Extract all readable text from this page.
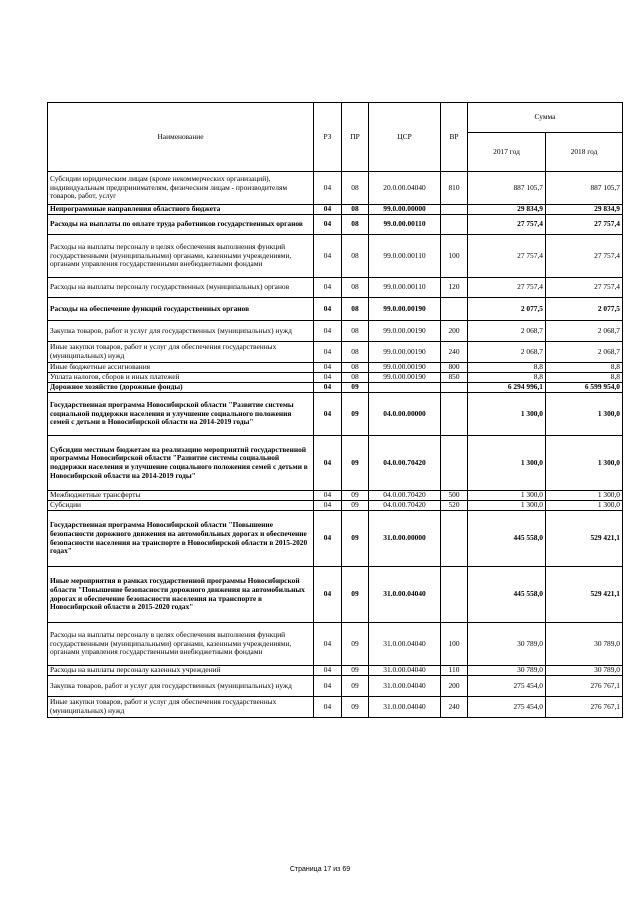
Наименование	РЗ	ПР	ЦСР	ВР	Сумма	
					2017 год	2018 год
Субсидии юридическим лицам (кроме некоммерческих организаций), индивидуальным предпринимателям, физическим лицам - производителям товаров, работ, услуг	04	08	20.0.00.04040	810	887 105,7	887 105,7
Непрограммные направления областного бюджета	04	08	99.0.00.00000		29 834,9	29 834,9
Расходы на выплаты по оплате труда работников государственных органов	04	08	99.0.00.00110		27 757,4	27 757,4
Расходы на выплаты персоналу в целях обеспечения выполнения функций государственными (муниципальными) органами, казенными учреждениями, органами управления государственными внебюджетными фондами	04	08	99.0.00.00110	100	27 757,4	27 757,4
Расходы на выплаты персоналу государственных (муниципальных) органов	04	08	99.0.00.00110	120	27 757,4	27 757,4
Расходы на обеспечение функций государственных органов	04	08	99.0.00.00190		2 077,5	2 077,5
Закупка товаров, работ и услуг для государственных (муниципальных) нужд	04	08	99.0.00.00190	200	2 068,7	2 068,7
Иные закупки товаров, работ и услуг для обеспечения государственных (муниципальных) нужд	04	08	99.0.00.00190	240	2 068,7	2 068,7
Иные бюджетные ассигнования	04	08	99.0.00.00190	800	8,8	8,8
Уплата налогов, сборов и иных платежей	04	08	99.0.00.00190	850	8,8	8,8
Дорожное хозяйство (дорожные фонды)	04	09			6 294 996,1	6 599 954,0
Государственная программа Новосибирской области "Развитие системы социальной поддержки населения и улучшение социального положения семей с детьми в Новосибирской области на 2014-2019 годы"	04	09	04.0.00.00000		1 300,0	1 300,0
Субсидии местным бюджетам на реализацию мероприятий государственной программы Новосибирской области "Развитие системы социальной поддержки населения и улучшение социального положения семей с детьми в Новосибирской области на 2014-2019 годы"	04	09	04.0.00.70420		1 300,0	1 300,0
Межбюджетные трансферты	04	09	04.0.00.70420	500	1 300,0	1 300,0
Субсидии	04	09	04.0.00.70420	520	1 300,0	1 300,0
Государственная программа Новосибирской области "Повышение безопасности дорожного движения на автомобильных дорогах и обеспечение безопасности населения на транспорте в Новосибирской области в 2015-2020 годах"	04	09	31.0.00.00000		445 558,0	529 421,1
Иные мероприятия в рамках государственной программы Новосибирской области "Повышение безопасности дорожного движения на автомобильных дорогах и обеспечение безопасности населения на транспорте в Новосибирской области в 2015-2020 годах"	04	09	31.0.00.04040		445 558,0	529 421,1
Расходы на выплаты персоналу в целях обеспечения выполнения функций государственными (муниципальными) органами, казенными учреждениями, органами управления государственными внебюджетными фондами	04	09	31.0.00.04040	100	30 789,0	30 789,0
Расходы на выплаты персоналу казенных учреждений	04	09	31.0.00.04040	110	30 789,0	30 789,0
Закупка товаров, работ и услуг для государственных (муниципальных) нужд	04	09	31.0.00.04040	200	275 454,0	276 767,1
Иные закупки товаров, работ и услуг для обеспечения государственных (муниципальных) нужд	04	09	31.0.00.04040	240	275 454,0	276 767,1
Страница 17 из 69
